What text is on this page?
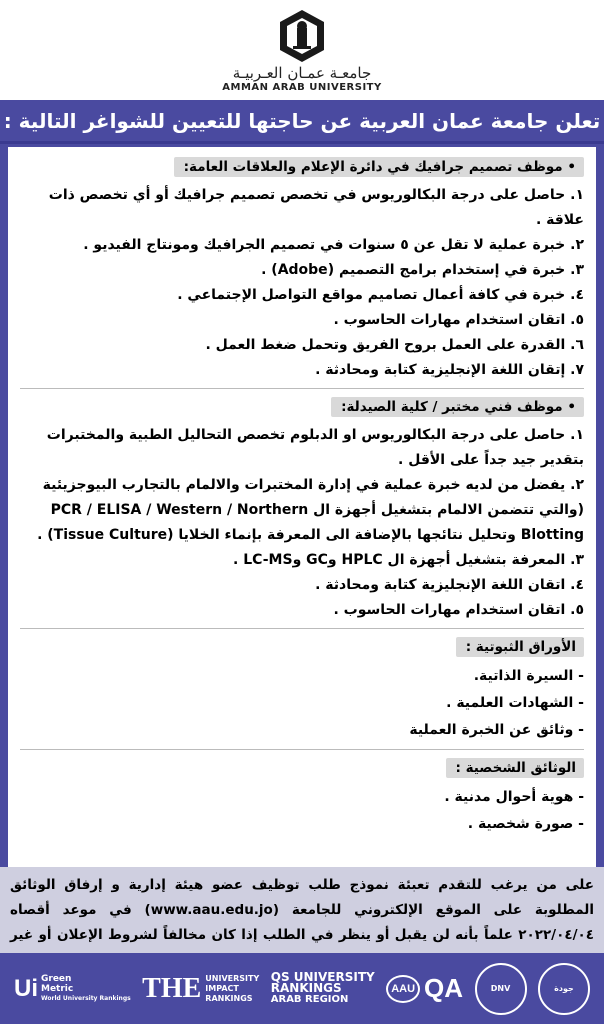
جامعـة عمـان العـربيـة
AMMAN ARAB UNIVERSITY
تعلن جامعة عمان العربية عن حاجتها للتعيين للشواغر التالية :
• موظف تصميم جرافيك في دائرة الإعلام والعلاقات العامة:
١. حاصل على درجة البكالوريوس في تخصص تصميم جرافيك أو أي تخصص ذات علاقة .
٢. خبرة عملية لا تقل عن ٥ سنوات في تصميم الجرافيك ومونتاج الفيديو .
٣. خبرة في إستخدام برامج التصميم (Adobe) .
٤. خبرة في كافة أعمال تصاميم مواقع التواصل الإجتماعي .
٥. اتقان استخدام مهارات الحاسوب .
٦. القدرة على العمل بروح الفريق وتحمل ضغط العمل .
٧. إتقان اللغة الإنجليزية كتابة ومحادثة .
• موظف فني مختبر / كلية الصيدلة:
١. حاصل على درجة البكالوريوس او الدبلوم تخصص التحاليل الطبية والمختبرات بتقدير جيد جداً على الأقل .
٢. يفضل من لديه خبرة عملية في إدارة المختبرات والالمام بالتجارب البيوجزيئية (والتي تتضمن الالمام بتشغيل أجهزة ال PCR / ELISA / Western / Northern Blotting وتحليل نتائجها بالإضافة الى المعرفة بإنماء الخلايا (Tissue Culture) .
٣. المعرفة بتشغيل أجهزة ال HPLC وGC وLC-MS .
٤. اتقان اللغة الإنجليزية كتابة ومحادثة .
٥. اتقان استخدام مهارات الحاسوب .
الأوراق الثبوتية :
- السيرة الذاتية.
- الشهادات العلمية .
- وثائق عن الخبرة العملية
الوثائق الشخصية :
- هوية أحوال مدنية .
- صورة شخصية .
على من يرغب للتقدم تعبئة نموذج طلب توظيف عضو هيئة إدارية و إرفاق الوثائق المطلوبة على الموقع الإلكتروني للجامعة (www.aau.edu.jo) في موعد أقصاه ٢٠٢٢/٠٤/٠٤ علماً بأنه لن يقبل أو ينظر في الطلب إذا كان مخالفاً لشروط الإعلان أو غير
جودة
DNV
AAU QA
QS UNIVERSITY
RANKINGS
ARAB REGION
THE UNIVERSITY
IMPACT
RANKINGS
Ui Green
Metric
World University Rankings
